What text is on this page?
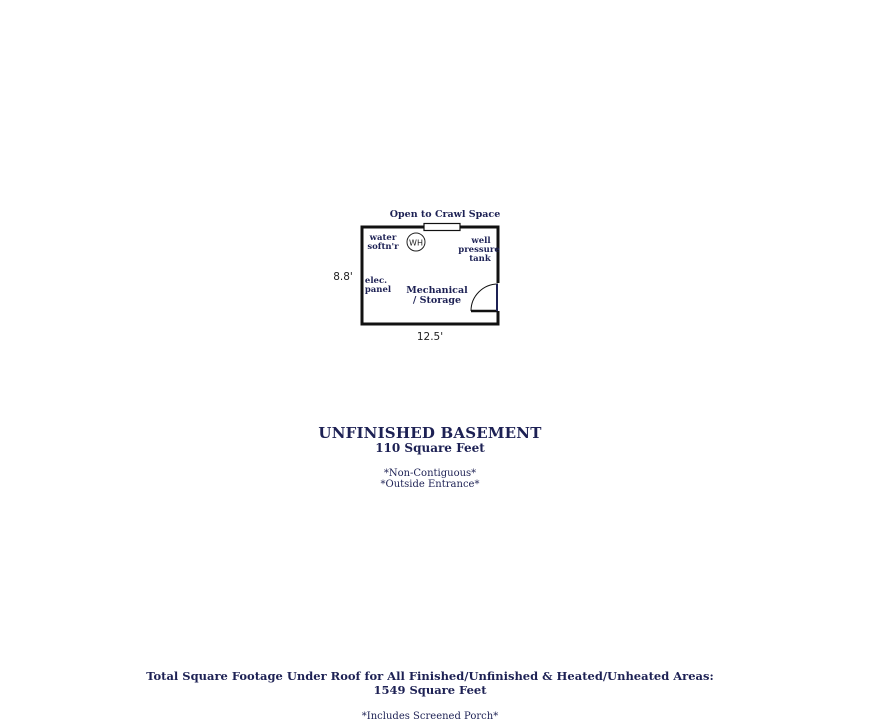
WH
Open to Crawl Space
water
softn'r
well
pressure
tank
elec.
panel Mechanical
/ Storage
8.8'
12.5'
UNFINISHED BASEMENT
110 Square Feet
*Non-Contiguous*
*Outside Entrance*
Total Square Footage Under Roof for All Finished/Unfinished & Heated/Unheated Areas:
1549 Square Feet
*Includes Screened Porch*
